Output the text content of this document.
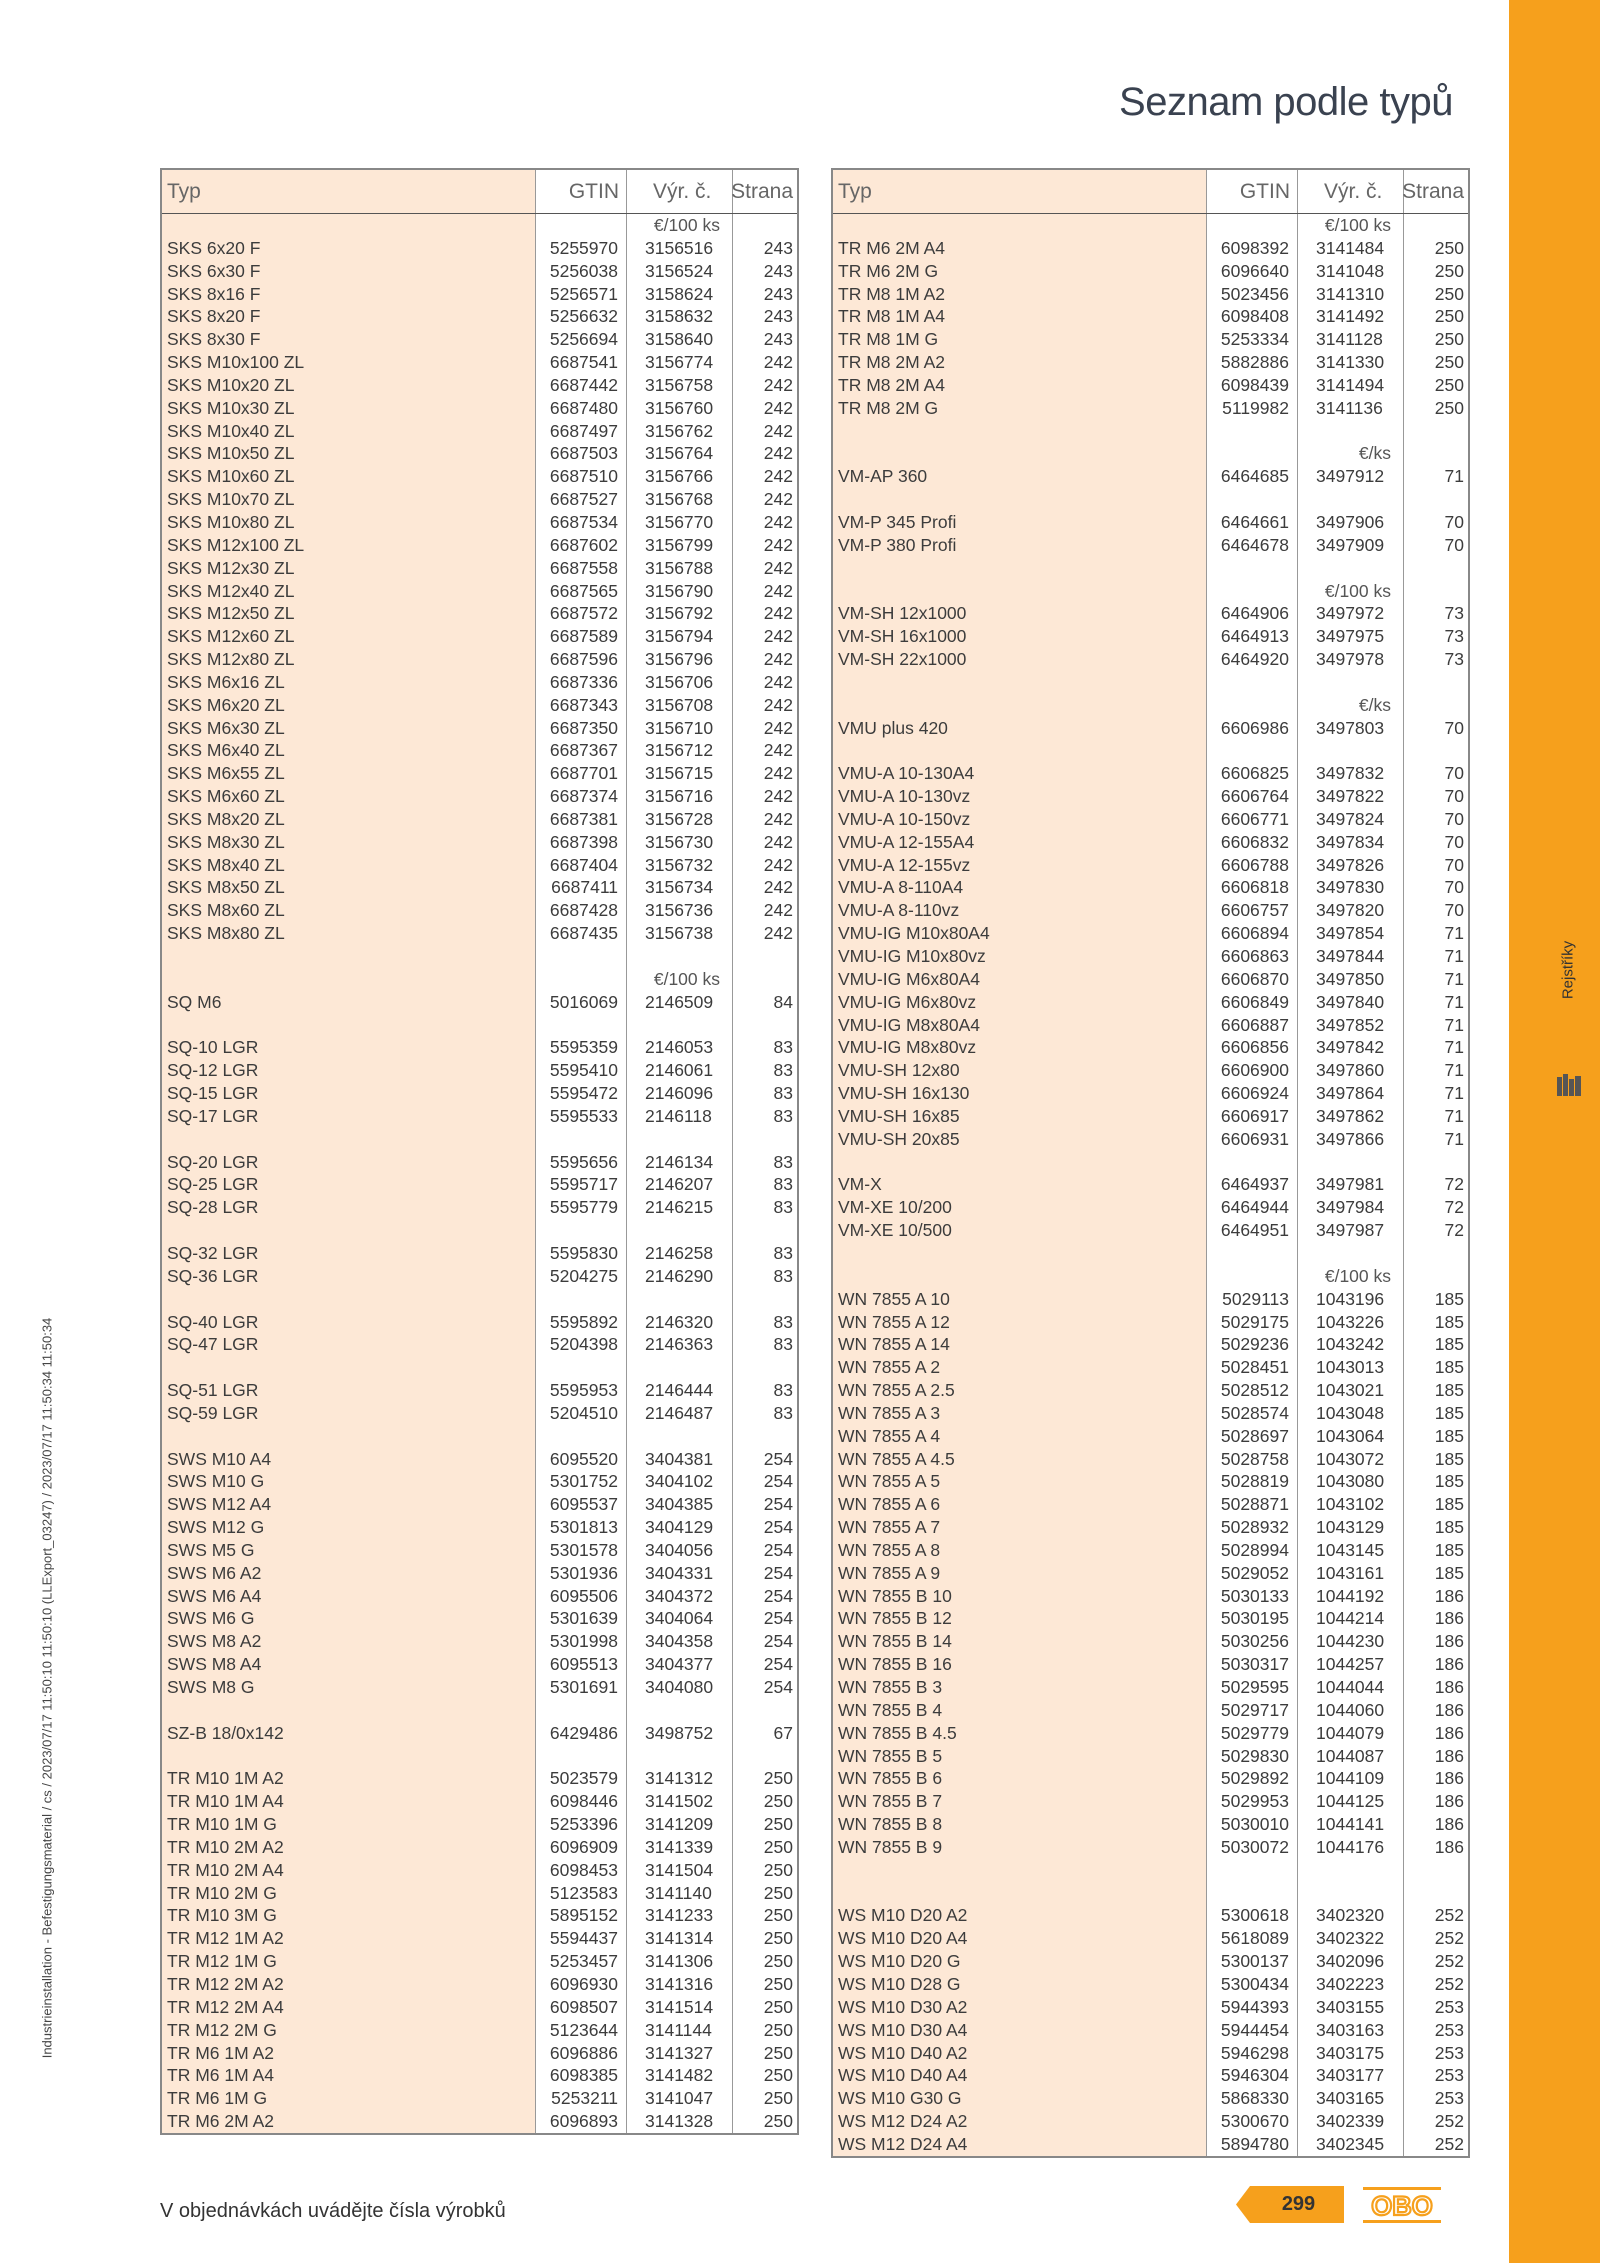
Rejstříky
Seznam podle typů
Industrieinstallation - Befestigungsmaterial / cs / 2023/07/17 11:50:10 11:50:10 (LLExport_03247) / 2023/07/17 11:50:34 11:50:34
Typ	GTIN Výr. č. Strana
€/100 ks
SKS 6x20 F	5255970 3156516	243
SKS 6x30 F	5256038 3156524	243
SKS 8x16 F	5256571 3158624	243
SKS 8x20 F	5256632 3158632	243
SKS 8x30 F	5256694 3158640	243
SKS M10x100 ZL	6687541 3156774	242
SKS M10x20 ZL	6687442 3156758	242
SKS M10x30 ZL	6687480 3156760	242
SKS M10x40 ZL	6687497 3156762	242
SKS M10x50 ZL	6687503 3156764	242
SKS M10x60 ZL	6687510 3156766	242
SKS M10x70 ZL	6687527 3156768	242
SKS M10x80 ZL	6687534 3156770	242
SKS M12x100 ZL	6687602 3156799	242
SKS M12x30 ZL	6687558 3156788	242
SKS M12x40 ZL	6687565 3156790	242
SKS M12x50 ZL	6687572 3156792	242
SKS M12x60 ZL	6687589 3156794	242
SKS M12x80 ZL	6687596 3156796	242
SKS M6x16 ZL	6687336 3156706	242
SKS M6x20 ZL	6687343 3156708	242
SKS M6x30 ZL	6687350 3156710	242
SKS M6x40 ZL	6687367 3156712	242
SKS M6x55 ZL	6687701 3156715	242
SKS M6x60 ZL	6687374 3156716	242
SKS M8x20 ZL	6687381 3156728	242
SKS M8x30 ZL	6687398 3156730	242
SKS M8x40 ZL	6687404 3156732	242
SKS M8x50 ZL	6687411 3156734	242
SKS M8x60 ZL	6687428 3156736	242
SKS M8x80 ZL	6687435 3156738	242
€/100 ks
SQ M6	5016069 2146509	84
SQ-10 LGR	5595359 2146053	83
SQ-12 LGR	5595410 2146061	83
SQ-15 LGR	5595472 2146096	83
SQ-17 LGR	5595533 2146118	83
SQ-20 LGR	5595656 2146134	83
SQ-25 LGR	5595717 2146207	83
SQ-28 LGR	5595779 2146215	83
SQ-32 LGR	5595830 2146258	83
SQ-36 LGR	5204275 2146290	83
SQ-40 LGR	5595892 2146320	83
SQ-47 LGR	5204398 2146363	83
SQ-51 LGR	5595953 2146444	83
SQ-59 LGR	5204510 2146487	83
SWS M10 A4	6095520 3404381	254
SWS M10 G	5301752 3404102	254
SWS M12 A4	6095537 3404385	254
SWS M12 G	5301813 3404129	254
SWS M5 G	5301578 3404056	254
SWS M6 A2	5301936 3404331	254
SWS M6 A4	6095506 3404372	254
SWS M6 G	5301639 3404064	254
SWS M8 A2	5301998 3404358	254
SWS M8 A4	6095513 3404377	254
SWS M8 G	5301691 3404080	254
SZ-B 18/0x142	6429486 3498752	67
TR M10 1M A2	5023579 3141312	250
TR M10 1M A4	6098446 3141502	250
TR M10 1M G	5253396 3141209	250
TR M10 2M A2	6096909 3141339	250
TR M10 2M A4	6098453 3141504	250
TR M10 2M G	5123583 3141140	250
TR M10 3M G	5895152 3141233	250
TR M12 1M A2	5594437 3141314	250
TR M12 1M G	5253457 3141306	250
TR M12 2M A2	6096930 3141316	250
TR M12 2M A4	6098507 3141514	250
TR M12 2M G	5123644 3141144	250
TR M6 1M A2	6096886 3141327	250
TR M6 1M A4	6098385 3141482	250
TR M6 1M G	5253211 3141047	250
TR M6 2M A2	6096893 3141328	250
Typ	GTIN Výr. č. Strana
€/100 ks
TR M6 2M A4	6098392 3141484	250
TR M6 2M G	6096640 3141048	250
TR M8 1M A2	5023456 3141310	250
TR M8 1M A4	6098408 3141492	250
TR M8 1M G	5253334 3141128	250
TR M8 2M A2	5882886 3141330	250
TR M8 2M A4	6098439 3141494	250
TR M8 2M G	5119982 3141136	250
€/ks
VM-AP 360	6464685 3497912	71
VM-P 345 Profi	6464661 3497906	70
VM-P 380 Profi	6464678 3497909	70
€/100 ks
VM-SH 12x1000	6464906 3497972	73
VM-SH 16x1000	6464913 3497975	73
VM-SH 22x1000	6464920 3497978	73
€/ks
VMU plus 420	6606986 3497803	70
VMU-A 10-130A4	6606825 3497832	70
VMU-A 10-130vz	6606764 3497822	70
VMU-A 10-150vz	6606771 3497824	70
VMU-A 12-155A4	6606832 3497834	70
VMU-A 12-155vz	6606788 3497826	70
VMU-A 8-110A4	6606818 3497830	70
VMU-A 8-110vz	6606757 3497820	70
VMU-IG M10x80A4	6606894 3497854	71
VMU-IG M10x80vz	6606863 3497844	71
VMU-IG M6x80A4	6606870 3497850	71
VMU-IG M6x80vz	6606849 3497840	71
VMU-IG M8x80A4	6606887 3497852	71
VMU-IG M8x80vz	6606856 3497842	71
VMU-SH 12x80	6606900 3497860	71
VMU-SH 16x130	6606924 3497864	71
VMU-SH 16x85	6606917 3497862	71
VMU-SH 20x85	6606931 3497866	71
VM-X	6464937 3497981	72
VM-XE 10/200	6464944 3497984	72
VM-XE 10/500	6464951 3497987	72
€/100 ks
WN 7855 A 10	5029113 1043196	185
WN 7855 A 12	5029175 1043226	185
WN 7855 A 14	5029236 1043242	185
WN 7855 A 2	5028451 1043013	185
WN 7855 A 2.5	5028512 1043021	185
WN 7855 A 3	5028574 1043048	185
WN 7855 A 4	5028697 1043064	185
WN 7855 A 4.5	5028758 1043072	185
WN 7855 A 5	5028819 1043080	185
WN 7855 A 6	5028871 1043102	185
WN 7855 A 7	5028932 1043129	185
WN 7855 A 8	5028994 1043145	185
WN 7855 A 9	5029052 1043161	185
WN 7855 B 10	5030133 1044192	186
WN 7855 B 12	5030195 1044214	186
WN 7855 B 14	5030256 1044230	186
WN 7855 B 16	5030317 1044257	186
WN 7855 B 3	5029595 1044044	186
WN 7855 B 4	5029717 1044060	186
WN 7855 B 4.5	5029779 1044079	186
WN 7855 B 5	5029830 1044087	186
WN 7855 B 6	5029892 1044109	186
WN 7855 B 7	5029953 1044125	186
WN 7855 B 8	5030010 1044141	186
WN 7855 B 9	5030072 1044176	186
WS M10 D20 A2	5300618 3402320	252
WS M10 D20 A4	5618089 3402322	252
WS M10 D20 G	5300137 3402096	252
WS M10 D28 G	5300434 3402223	252
WS M10 D30 A2	5944393 3403155	253
WS M10 D30 A4	5944454 3403163	253
WS M10 D40 A2	5946298 3403175	253
WS M10 D40 A4	5946304 3403177	253
WS M10 G30 G	5868330 3403165	253
WS M12 D24 A2	5300670 3402339	252
WS M12 D24 A4	5894780 3402345	252
V objednávkách uvádějte čísla výrobků	299	OBO
